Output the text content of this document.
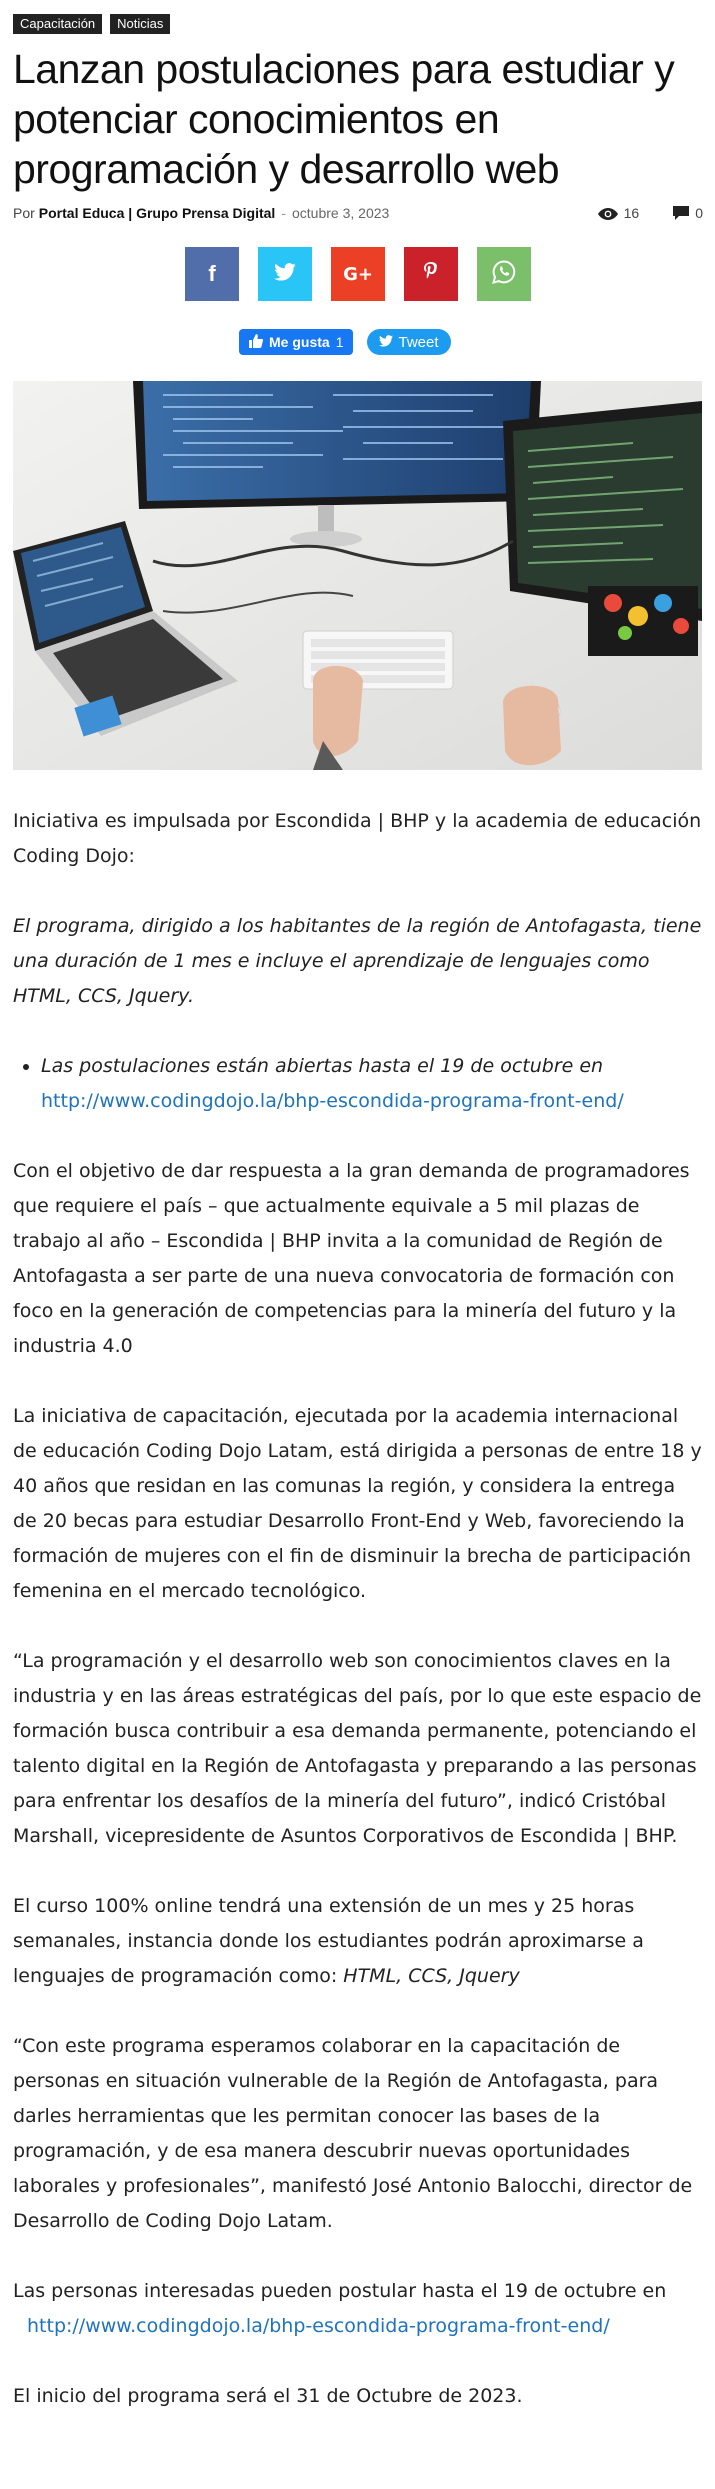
Capacitación	Noticias
Lanzan postulaciones para estudiar y potenciar conocimientos en programación y desarrollo web
Por Portal Educa | Grupo Prensa Digital - octubre 3, 2023	16	0
f	G+
Me gusta 1	Tweet

Iniciativa es impulsada por Escondida | BHP y la academia de educación Coding Dojo:

El programa, dirigido a los habitantes de la región de Antofagasta, tiene una duración de 1 mes e incluye el aprendizaje de lenguajes como HTML, CCS, Jquery.

• Las postulaciones están abiertas hasta el 19 de octubre en http://www.codingdojo.la/bhp-escondida-programa-front-end/

Con el objetivo de dar respuesta a la gran demanda de programadores que requiere el país – que actualmente equivale a 5 mil plazas de trabajo al año – Escondida | BHP invita a la comunidad de Región de Antofagasta a ser parte de una nueva convocatoria de formación con foco en la generación de competencias para la minería del futuro y la industria 4.0

La iniciativa de capacitación, ejecutada por la academia internacional de educación Coding Dojo Latam, está dirigida a personas de entre 18 y 40 años que residan en las comunas la región, y considera la entrega de 20 becas para estudiar Desarrollo Front-End y Web, favoreciendo la formación de mujeres con el fin de disminuir la brecha de participación femenina en el mercado tecnológico.

“La programación y el desarrollo web son conocimientos claves en la industria y en las áreas estratégicas del país, por lo que este espacio de formación busca contribuir a esa demanda permanente, potenciando el talento digital en la Región de Antofagasta y preparando a las personas para enfrentar los desafíos de la minería del futuro”, indicó Cristóbal Marshall, vicepresidente de Asuntos Corporativos de Escondida | BHP.

El curso 100% online tendrá una extensión de un mes y 25 horas semanales, instancia donde los estudiantes podrán aproximarse a lenguajes de programación como: HTML, CCS, Jquery

“Con este programa esperamos colaborar en la capacitación de personas en situación vulnerable de la Región de Antofagasta, para darles herramientas que les permitan conocer las bases de la programación, y de esa manera descubrir nuevas oportunidades laborales y profesionales”, manifestó José Antonio Balocchi, director de Desarrollo de Coding Dojo Latam.

Las personas interesadas pueden postular hasta el 19 de octubre en
http://www.codingdojo.la/bhp-escondida-programa-front-end/

El inicio del programa será el 31 de Octubre de 2023.
